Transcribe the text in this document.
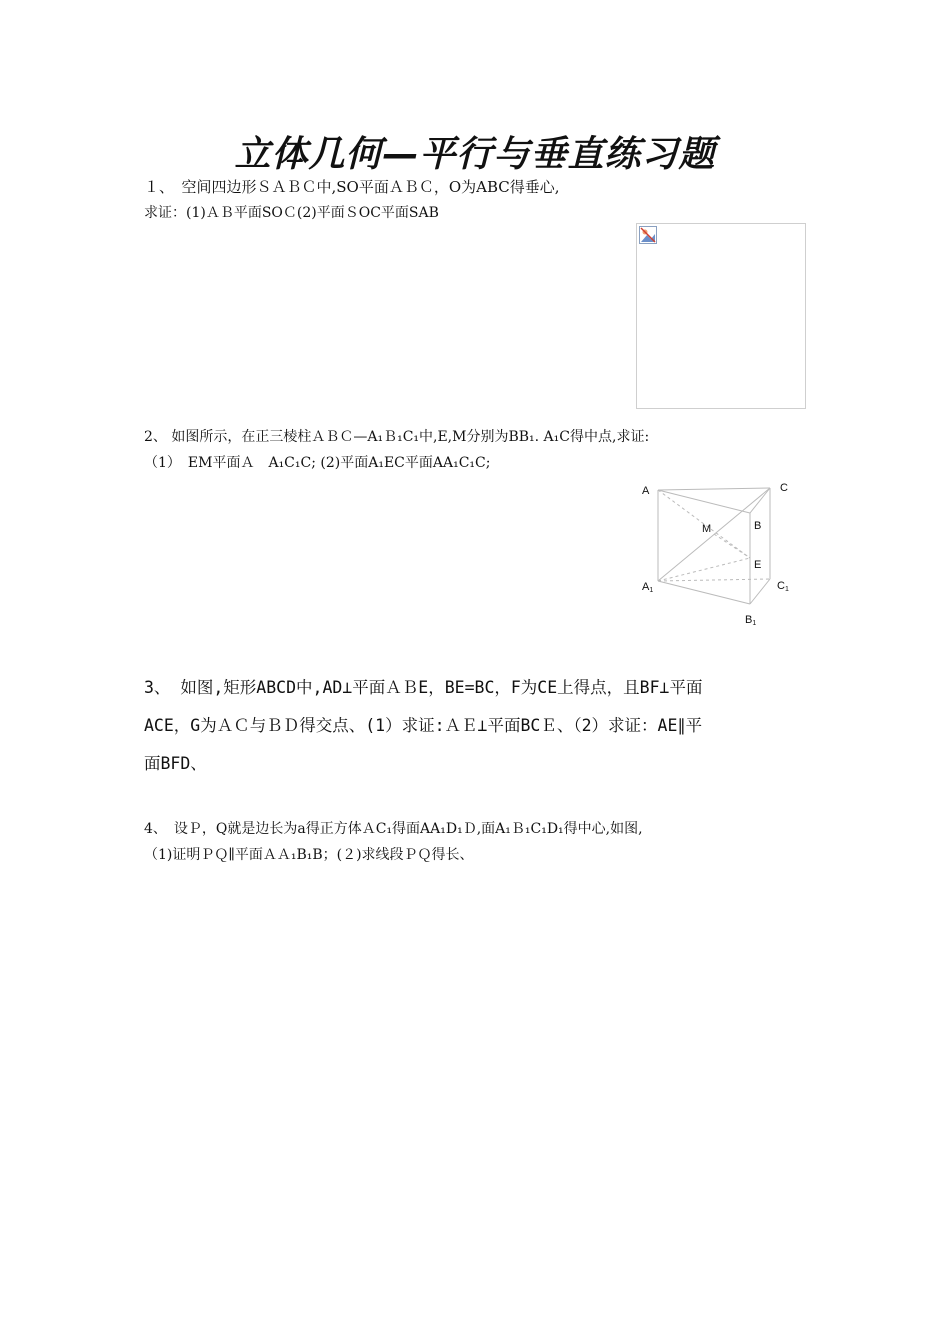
立体几何—平行与垂直练习题
１、　空间四边形ＳＡＢＣ中,SO平面ＡＢＣ，O为ABC得垂心,
求证：(1)ＡＢ平面SOＣ(2)平面ＳOC平面SAB
2、 如图所示，在正三棱柱ＡＢＣ—A₁Ｂ₁C₁中,E,M分别为BB₁. A₁C得中点,求证:
（1）　EM平面Ａ　A₁C₁C; (2)平面A₁EC平面AA₁C₁C;
A	C
M	B
E
A1	C1
B1
3、 如图,矩形ABCD中,AD⊥平面ＡＢE，BE=BC，F为CE上得点，且BF⊥平面
ACE，G为ＡＣ与ＢＤ得交点、(1）求证:ＡＥ⊥平面BCＥ、（2）求证：AE∥平
面BFD、
4、　设Ｐ，Q就是边长为a得正方体ＡC₁得面AA₁D₁Ｄ,面A₁Ｂ₁C₁D₁得中心,如图,
（1)证明ＰＱ∥平面ＡＡ₁B₁B；(２)求线段ＰＱ得长、
